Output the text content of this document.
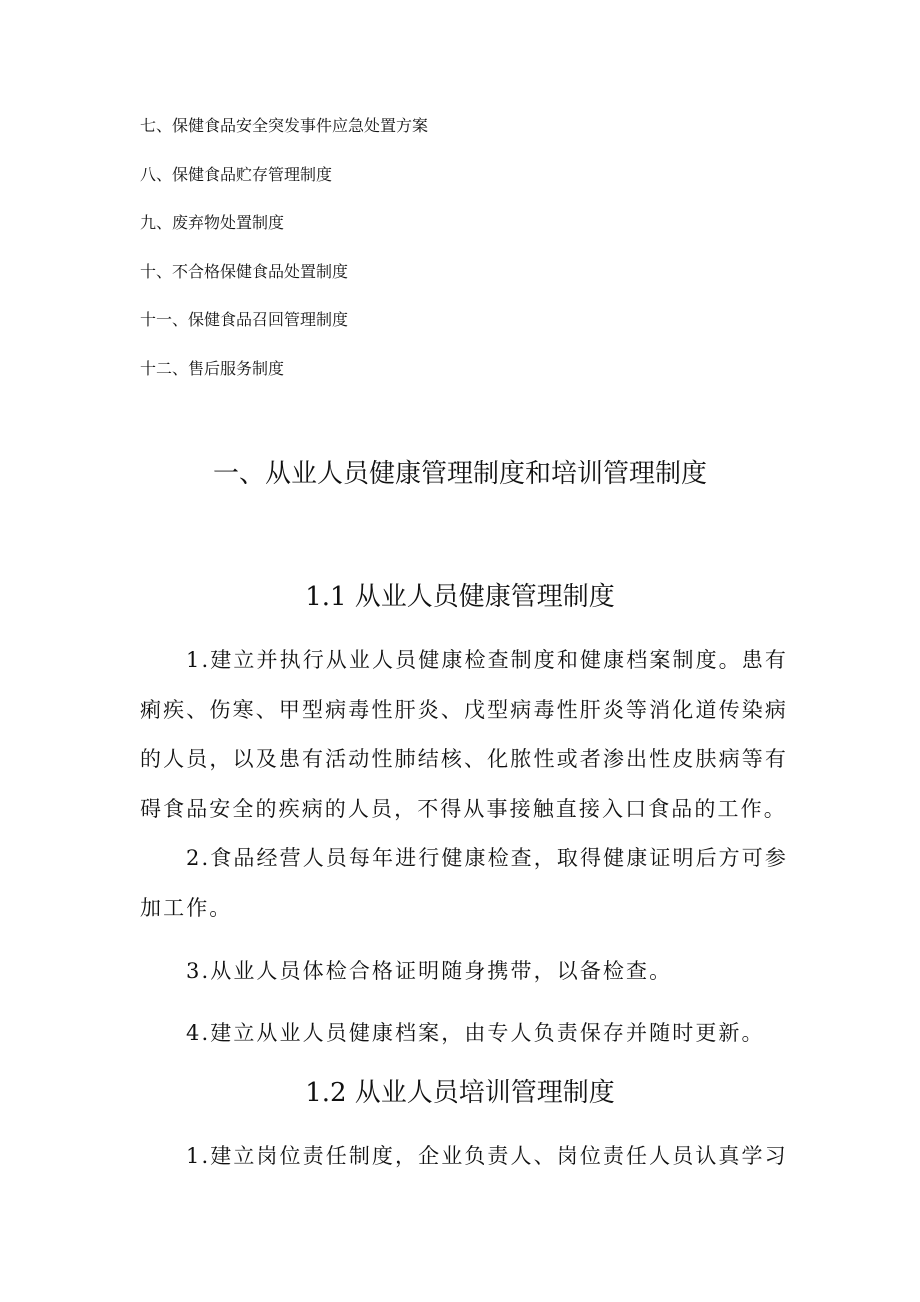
七、保健食品安全突发事件应急处置方案
八、保健食品贮存管理制度
九、废弃物处置制度
十、不合格保健食品处置制度
十一、保健食品召回管理制度
十二、售后服务制度
一、从业人员健康管理制度和培训管理制度
1.1 从业人员健康管理制度

1.建立并执行从业人员健康检查制度和健康档案制度。患有痢疾、伤寒、甲型病毒性肝炎、戊型病毒性肝炎等消化道传染病的人员，以及患有活动性肺结核、化脓性或者渗出性皮肤病等有碍食品安全的疾病的人员，不得从事接触直接入口食品的工作。

2.食品经营人员每年进行健康检查，取得健康证明后方可参加工作。

3.从业人员体检合格证明随身携带，以备检查。

4.建立从业人员健康档案，由专人负责保存并随时更新。

1.2 从业人员培训管理制度

1.建立岗位责任制度，企业负责人、岗位责任人员认真学习
